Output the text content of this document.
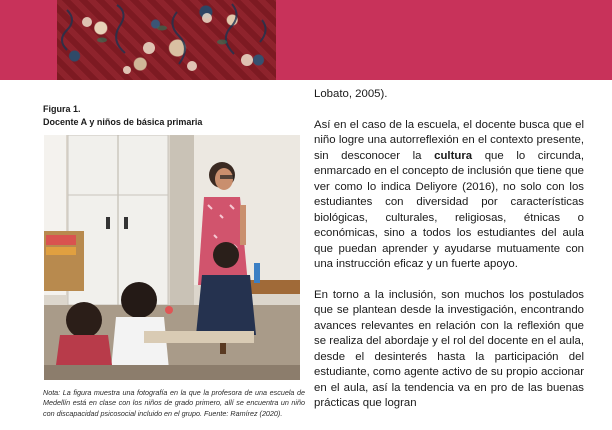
Figura 1.
Docente A y niños de básica primaria
Nota: La figura muestra una fotografía en la que la profesora de una escuela de Medellín está en clase con los niños de grado primero, allí se encuentra un niño con discapacidad psicosocial incluido en el grupo. Fuente: Ramírez (2020).

Lobato, 2005).

Así en el caso de la escuela, el docente busca que el niño logre una autorreflexión en el contexto presente, sin desconocer la cultura que lo circunda, enmarcado en el concepto de inclusión que tiene que ver como lo indica Deliyore (2016), no solo con los estudiantes con diversidad por características biológicas, culturales, religiosas, étnicas o económicas, sino a todos los estudiantes del aula que puedan aprender y ayudarse mutuamente con una instrucción eficaz y un fuerte apoyo.

En torno a la inclusión, son muchos los postulados que se plantean desde la investigación, encontrando avances relevantes en relación con la reflexión que se realiza del abordaje y el rol del docente en el aula, desde el desinterés hasta la participación del estudiante, como agente activo de su propio accionar en el aula, así la tendencia va en pro de las buenas prácticas que logran
